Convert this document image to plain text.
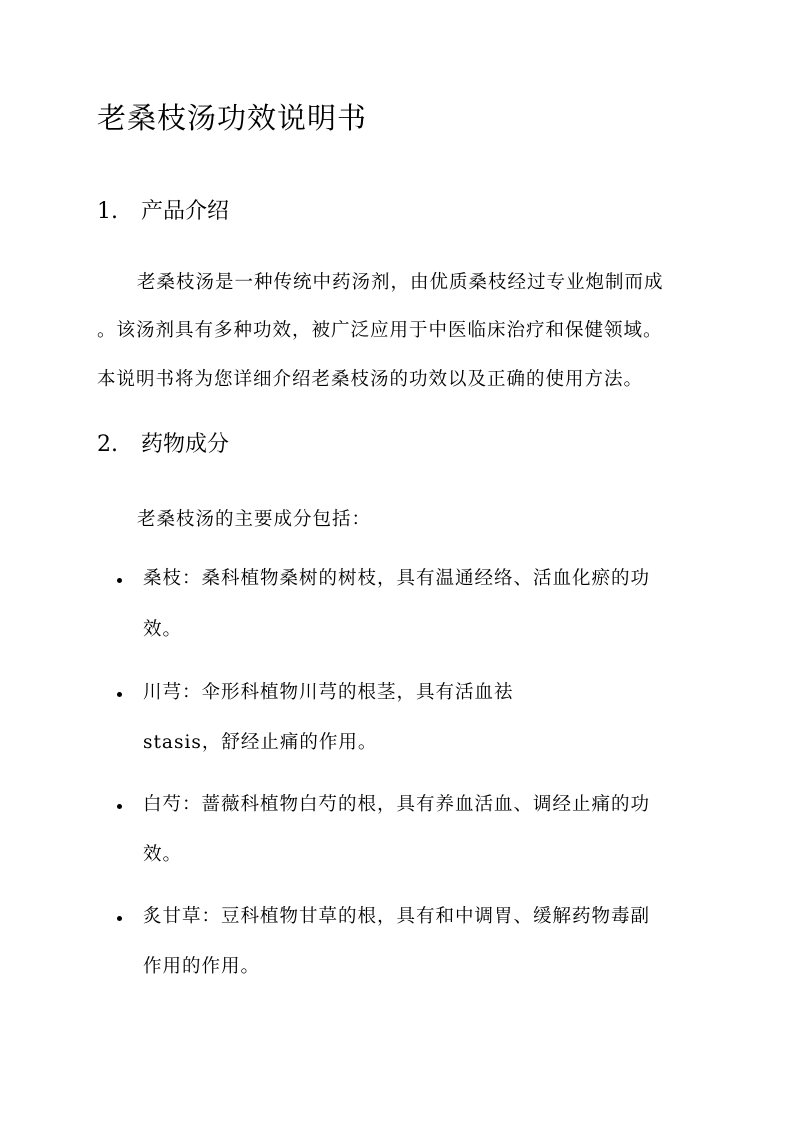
老桑枝汤功效说明书
1. 产品介绍
老桑枝汤是一种传统中药汤剂，由优质桑枝经过专业炮制而成
。该汤剂具有多种功效，被广泛应用于中医临床治疗和保健领域。
本说明书将为您详细介绍老桑枝汤的功效以及正确的使用方法。
2. 药物成分
老桑枝汤的主要成分包括：
桑枝：桑科植物桑树的树枝，具有温通经络、活血化瘀的功
效。
川芎：伞形科植物川芎的根茎，具有活血祛
stasis，舒经止痛的作用。
白芍：蔷薇科植物白芍的根，具有养血活血、调经止痛的功
效。
炙甘草：豆科植物甘草的根，具有和中调胃、缓解药物毒副
作用的作用。
